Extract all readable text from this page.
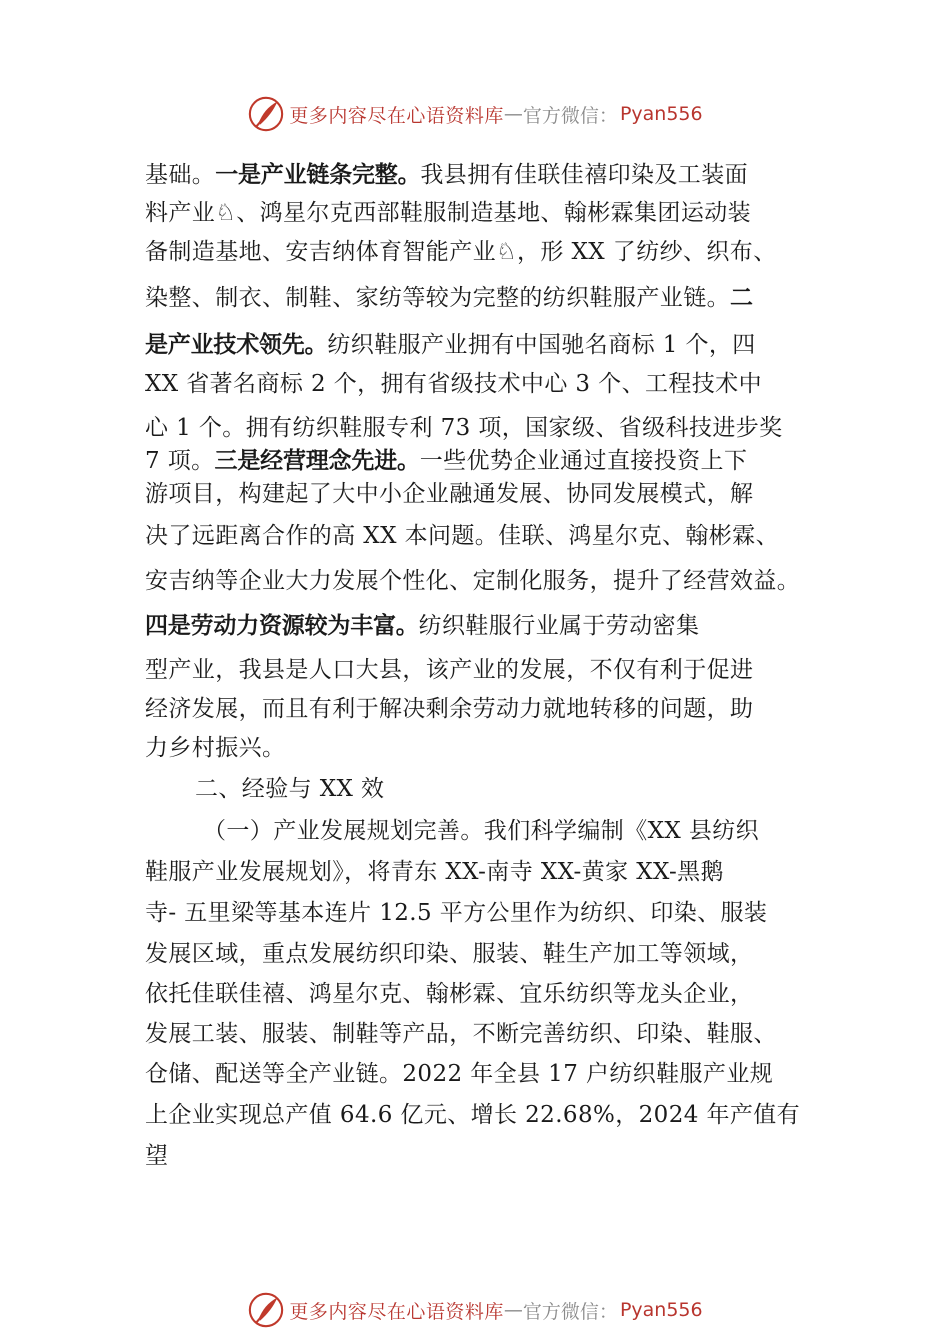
更多内容尽在心语资料库 — 官方微信： Pyan556
基础。一是产业链条完整。我县拥有佳联佳禧印染及工装面
料产业♘、鸿星尔克西部鞋服制造基地、翰彬霖集团运动装
备制造基地、安吉纳体育智能产业♘，形 XX 了纺纱、织布、
染整、制衣、制鞋、家纺等较为完整的纺织鞋服产业链。二
是产业技术领先。纺织鞋服产业拥有中国驰名商标 1 个，四
XX 省著名商标 2 个，拥有省级技术中心 3 个、工程技术中
心 1 个。拥有纺织鞋服专利 73 项，国家级、省级科技进步奖
7 项。三是经营理念先进。一些优势企业通过直接投资上下
游项目，构建起了大中小企业融通发展、协同发展模式，解
决了远距离合作的高 XX 本问题。佳联、鸿星尔克、翰彬霖、
安吉纳等企业大力发展个性化、定制化服务，提升了经营效益。
四是劳动力资源较为丰富。纺织鞋服行业属于劳动密集
型产业，我县是人口大县，该产业的发展，不仅有利于促进
经济发展，而且有利于解决剩余劳动力就地转移的问题，助
力乡村振兴。
二、经验与 XX 效
（一）产业发展规划完善。我们科学编制《XX 县纺织
鞋服产业发展规划》，将青东 XX-南寺 XX-黄家 XX-黑鹅
寺- 五里梁等基本连片 12.5 平方公里作为纺织、印染、服装
发展区域，重点发展纺织印染、服装、鞋生产加工等领域，
依托佳联佳禧、鸿星尔克、翰彬霖、宜乐纺织等龙头企业，
发展工装、服装、制鞋等产品，不断完善纺织、印染、鞋服、
仓储、配送等全产业链。2022 年全县 17 户纺织鞋服产业规
上企业实现总产值 64.6 亿元、增长 22.68%，2024 年产值有
望
更多内容尽在心语资料库 — 官方微信： Pyan556
